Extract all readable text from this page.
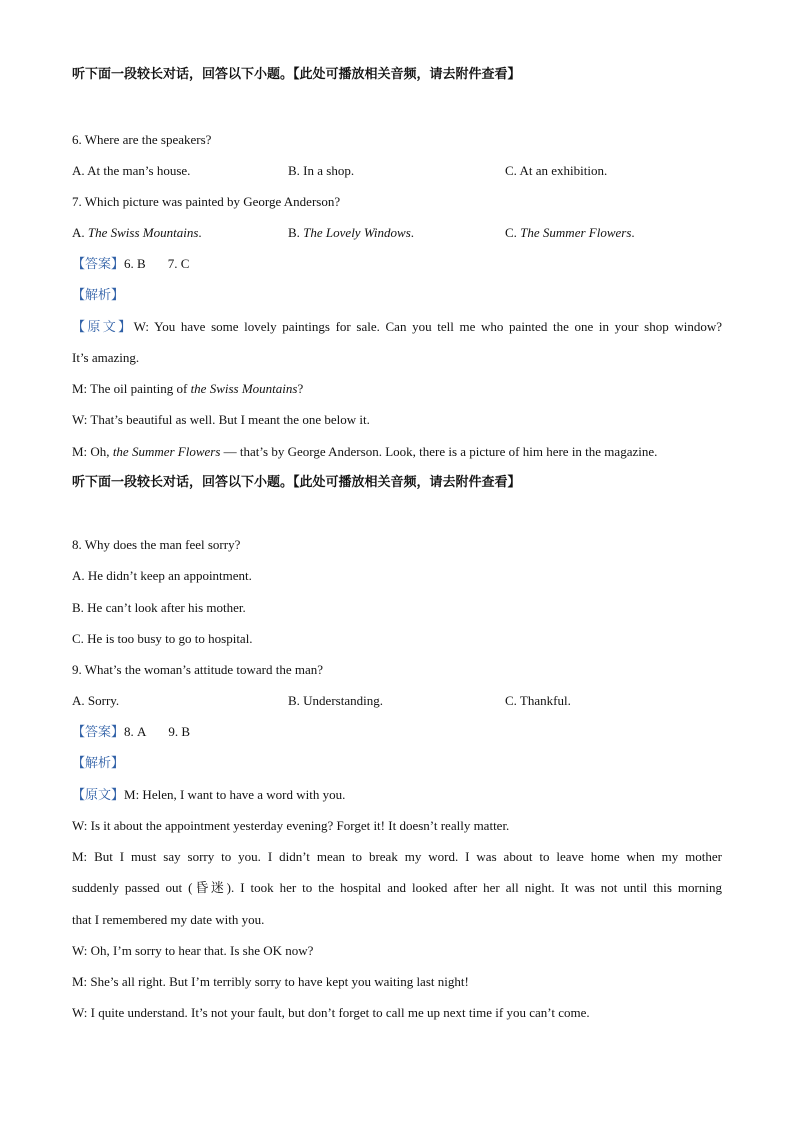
听下面一段较长对话，回答以下小题。【此处可播放相关音频，请去附件查看】
6. Where are the speakers?
A. At the man’s house.	B. In a shop.	C. At an exhibition.
7. Which picture was painted by George Anderson?
A. The Swiss Mountains.	B. The Lovely Windows.	C. The Summer Flowers.
【答案】6. B 7. C
【解析】
【原文】W: You have some lovely paintings for sale. Can you tell me who painted the one in your shop window?
It’s amazing.
M: The oil painting of the Swiss Mountains?
W: That’s beautiful as well. But I meant the one below it.
M: Oh, the Summer Flowers — that’s by George Anderson. Look, there is a picture of him here in the magazine.
听下面一段较长对话，回答以下小题。【此处可播放相关音频，请去附件查看】
8. Why does the man feel sorry?
A. He didn’t keep an appointment.
B. He can’t look after his mother.
C. He is too busy to go to hospital.
9. What’s the woman’s attitude toward the man?
A. Sorry.	B. Understanding.	C. Thankful.
【答案】8. A 9. B
【解析】
【原文】M: Helen, I want to have a word with you.
W: Is it about the appointment yesterday evening? Forget it! It doesn’t really matter.
M: But I must say sorry to you. I didn’t mean to break my word. I was about to leave home when my mother
suddenly passed out (昏迷). I took her to the hospital and looked after her all night. It was not until this morning
that I remembered my date with you.
W: Oh, I’m sorry to hear that. Is she OK now?
M: She’s all right. But I’m terribly sorry to have kept you waiting last night!
W: I quite understand. It’s not your fault, but don’t forget to call me up next time if you can’t come.
